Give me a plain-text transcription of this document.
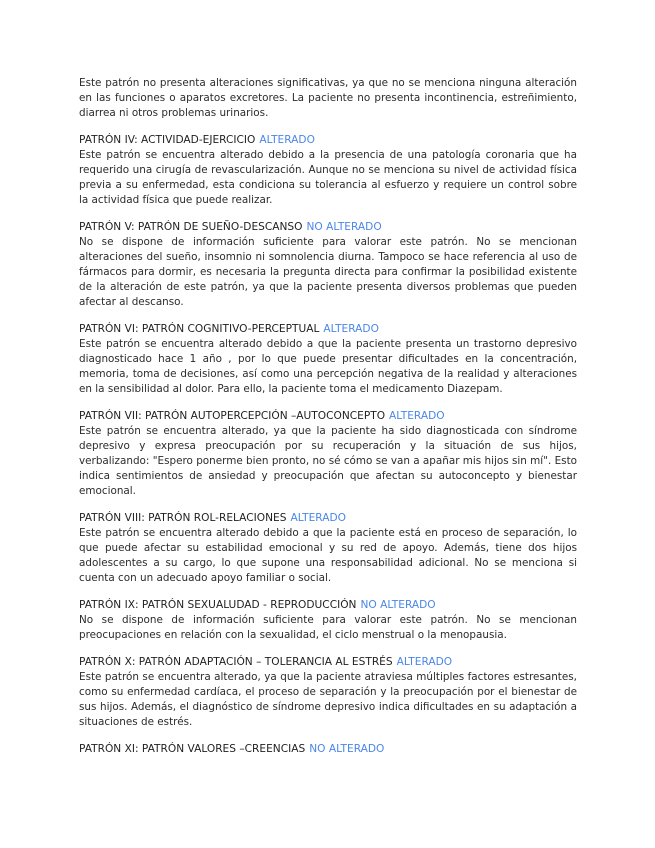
Este patrón no presenta alteraciones significativas, ya que no se menciona ninguna alteración en las funciones o aparatos excretores. La paciente no presenta incontinencia, estreñimiento, diarrea ni otros problemas urinarios.

PATRÓN IV: ACTIVIDAD-EJERCICIO ALTERADO

Este patrón se encuentra alterado debido a la presencia de una patología coronaria que ha requerido una cirugía de revascularización. Aunque no se menciona su nivel de actividad física previa a su enfermedad, esta condiciona su tolerancia al esfuerzo y requiere un control sobre la actividad física que puede realizar.

PATRÓN V: PATRÓN DE SUEÑO-DESCANSO NO ALTERADO

No se dispone de información suficiente para valorar este patrón. No se mencionan alteraciones del sueño, insomnio ni somnolencia diurna. Tampoco se hace referencia al uso de fármacos para dormir, es necesaria la pregunta directa para confirmar la posibilidad existente de la alteración de este patrón, ya que la paciente presenta diversos problemas que pueden afectar al descanso.

PATRÓN VI: PATRÓN COGNITIVO-PERCEPTUAL ALTERADO

Este patrón se encuentra alterado debido a que la paciente presenta un trastorno depresivo diagnosticado hace 1 año , por lo que puede presentar dificultades en la concentración, memoria, toma de decisiones, así como una percepción negativa de la realidad y alteraciones en la sensibilidad al dolor. Para ello, la paciente toma el medicamento Diazepam.

PATRÓN VII: PATRÓN AUTOPERCEPCIÓN –AUTOCONCEPTO ALTERADO

Este patrón se encuentra alterado, ya que la paciente ha sido diagnosticada con síndrome depresivo y expresa preocupación por su recuperación y la situación de sus hijos, verbalizando: "Espero ponerme bien pronto, no sé cómo se van a apañar mis hijos sin mí". Esto indica sentimientos de ansiedad y preocupación que afectan su autoconcepto y bienestar emocional.

PATRÓN VIII: PATRÓN ROL-RELACIONES ALTERADO

Este patrón se encuentra alterado debido a que la paciente está en proceso de separación, lo que puede afectar su estabilidad emocional y su red de apoyo. Además, tiene dos hijos adolescentes a su cargo, lo que supone una responsabilidad adicional. No se menciona si cuenta con un adecuado apoyo familiar o social.

PATRÓN IX: PATRÓN SEXUALUDAD - REPRODUCCIÓN NO ALTERADO

No se dispone de información suficiente para valorar este patrón. No se mencionan preocupaciones en relación con la sexualidad, el ciclo menstrual o la menopausia.

PATRÓN X: PATRÓN ADAPTACIÓN – TOLERANCIA AL ESTRÉS ALTERADO

Este patrón se encuentra alterado, ya que la paciente atraviesa múltiples factores estresantes, como su enfermedad cardíaca, el proceso de separación y la preocupación por el bienestar de sus hijos. Además, el diagnóstico de síndrome depresivo indica dificultades en su adaptación a situaciones de estrés.

PATRÓN XI: PATRÓN VALORES –CREENCIAS NO ALTERADO
